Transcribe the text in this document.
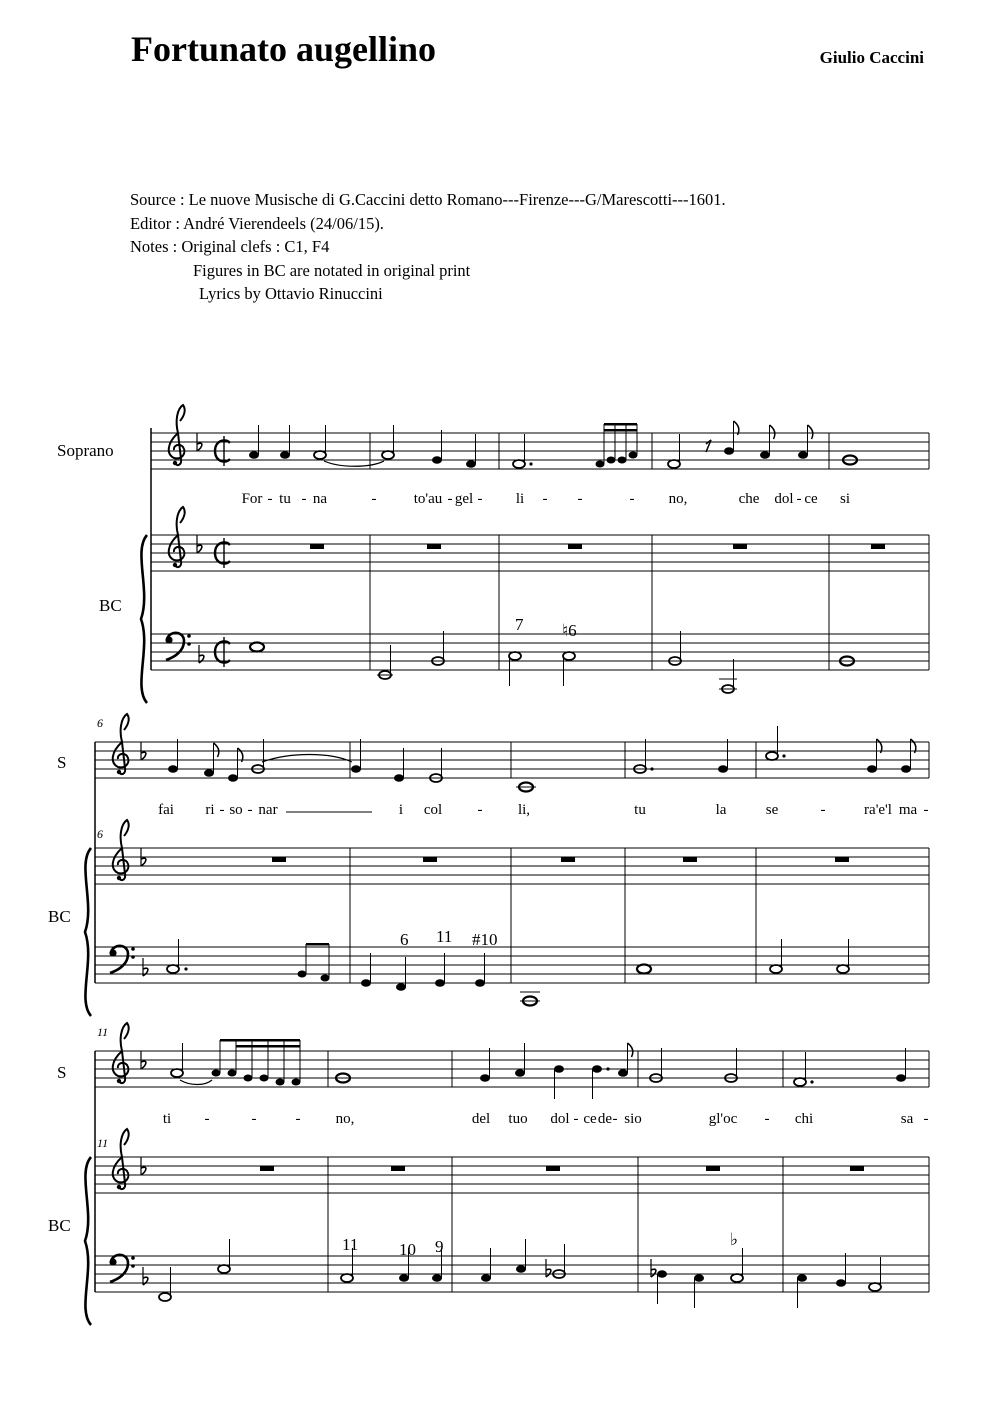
Fortunato augellino	Giulio Caccini
Source : Le nuove Musische di G.Caccini detto Romano---Firenze---G/Marescotti---1601.
Editor : André Vierendeels (24/06/15).
Notes : Original clefs : C1, F4
Figures in BC are notated in original print
Lyrics by Ottavio Rinuccini
Soprano
BC
For - tu - na	- to'au - gel - li - -	- no,	che dol - ce si
7 ♮6
S
BC
6
6
fai ri - so - nar	i col - li,	tu	la	se	-	ra'e'l ma -
6 11 #10
S
BC
11
11
ti -	-	- no,	del tuo dol - ce de - sio	gl'oc - chi	sa -
11 10 9	♭
